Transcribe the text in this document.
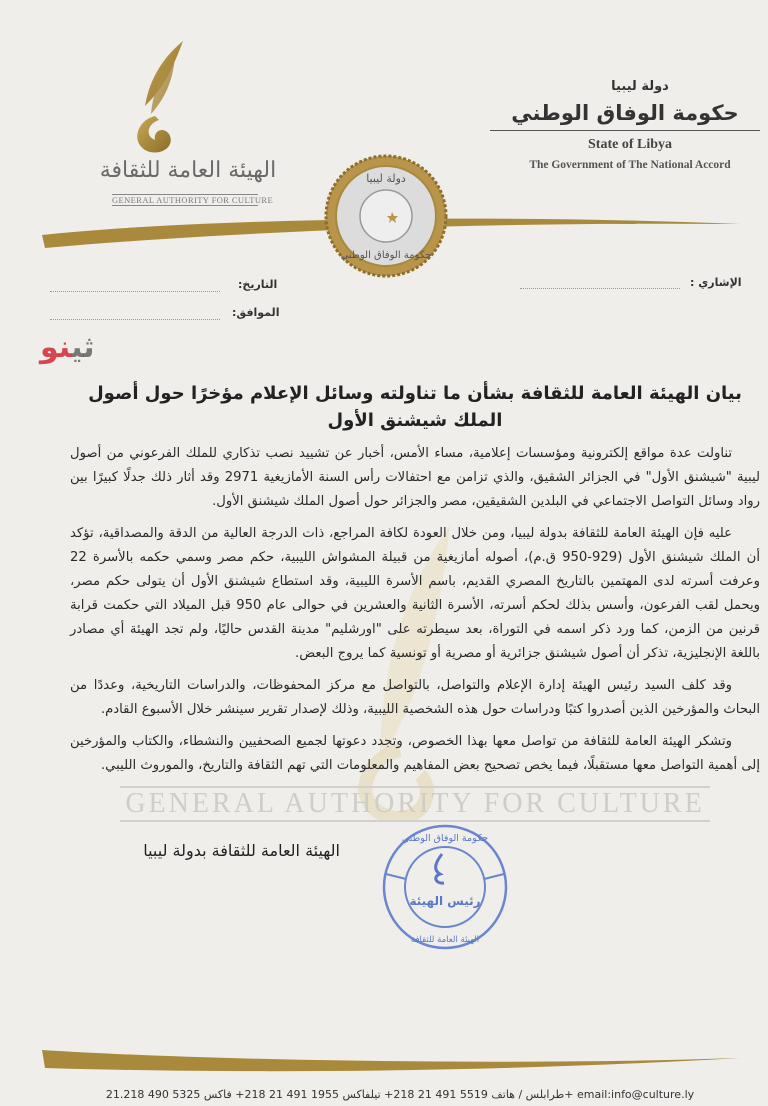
الهيئة العامة للثقافة
GENERAL AUTHORITY FOR CULTURE
دولة ليبيا
حكومة الوفاق الوطني
State of Libya
The Government of The National Accord
دولة ليبيا
حكومة الوفاق الوطني
التاريخ:
الموافق:
الإشاري :
ثينو
بيان الهيئة العامة للثقافة بشأن ما تناولته وسائل الإعلام مؤخرًا حول أصول الملك شيشنق الأول

تناولت عدة مواقع إلكترونية ومؤسسات إعلامية، مساء الأمس، أخبار عن تشييد نصب تذكاري للملك الفرعوني من أصول ليبية "شيشنق الأول" في الجزائر الشقيق، والذي تزامن مع احتفالات رأس السنة الأمازيغية 2971 وقد أثار ذلك جدلًا كبيرًا بين رواد وسائل التواصل الاجتماعي في البلدين الشقيقين، مصر والجزائر حول أصول الملك شيشنق الأول.

عليه فإن الهيئة العامة للثقافة بدولة ليبيا، ومن خلال العودة لكافة المراجع، ذات الدرجة العالية من الدقة والمصداقية، تؤكد أن الملك شيشنق الأول (929-950 ق.م)، أصوله أمازيغية من قبيلة المشواش الليبية، حكم مصر وسمي حكمه بالأسرة 22 وعرفت أسرته لدى المهتمين بالتاريخ المصري القديم، باسم الأسرة الليبية، وقد استطاع شيشنق الأول أن يتولى حكم مصر، ويحمل لقب الفرعون، وأسس بذلك لحكم أسرته، الأسرة الثانية والعشرين في حوالى عام 950 قبل الميلاد التي حكمت قرابة قرنين من الزمن، كما ورد ذكر اسمه في التوراة، بعد سيطرته على "اورشليم" مدينة القدس حاليًا، ولم تجد الهيئة أي مصادر باللغة الإنجليزية، تذكر أن أصول شيشنق جزائرية أو مصرية أو تونسية كما يروج البعض.

وقد كلف السيد رئيس الهيئة إدارة الإعلام والتواصل، بالتواصل مع مركز المحفوظات، والدراسات التاريخية، وعددًا من البحاث والمؤرخين الذين أصدروا كتبًا ودراسات حول هذه الشخصية الليبية، وذلك لإصدار تقرير سينشر خلال الأسبوع القادم.

وتشكر الهيئة العامة للثقافة من تواصل معها بهذا الخصوص، وتجدد دعوتها لجميع الصحفيين والنشطاء، والكتاب والمؤرخين إلى أهمية التواصل معها مستقبلًا، فيما يخص تصحيح بعض المفاهيم والمعلومات التي تهم الثقافة والتاريخ، والموروث الليبي.

GENERAL AUTHORITY FOR CULTURE
الهيئة العامة للثقافة بدولة ليبيا
حكومة الوفاق الوطني
رئيس الهيئة
الهيئة العامة للثقافة
طرابلس / هاتف 5519 491 21 218+ تيلفاكس 1955 491 21 218+ فاكس 5325 490 21.218+ email:info@culture.ly
